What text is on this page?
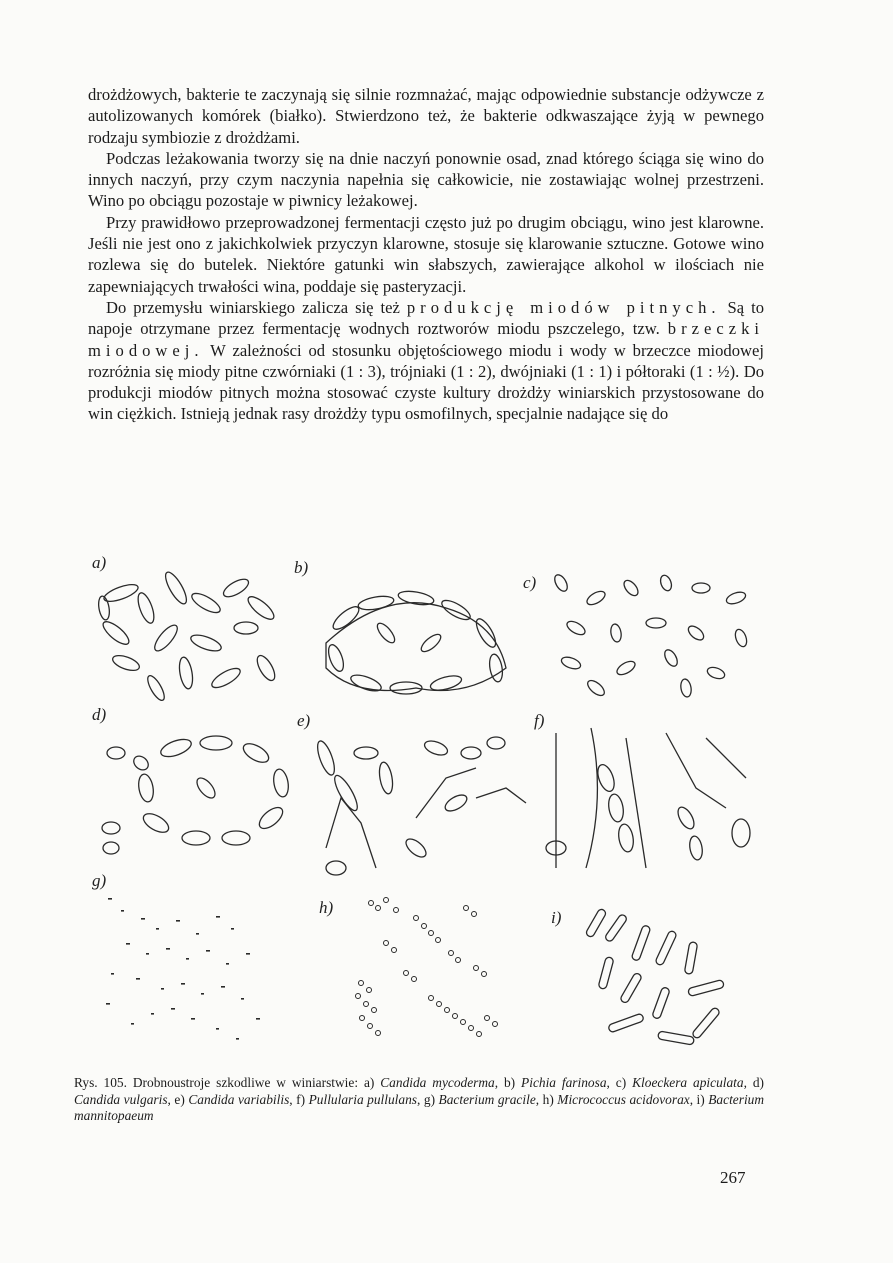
drożdżowych, bakterie te zaczynają się silnie rozmnażać, mając odpowiednie substancje odżywcze z autolizowanych komórek (białko). Stwierdzono też, że bakterie odkwaszające żyją w pewnego rodzaju symbiozie z drożdżami.

Podczas leżakowania tworzy się na dnie naczyń ponownie osad, znad którego ściąga się wino do innych naczyń, przy czym naczynia napełnia się całkowicie, nie zostawiając wolnej przestrzeni. Wino po obciągu pozostaje w piwnicy leżakowej.

Przy prawidłowo przeprowadzonej fermentacji często już po drugim obciągu, wino jest klarowne. Jeśli nie jest ono z jakichkolwiek przyczyn klarowne, stosuje się klarowanie sztuczne. Gotowe wino rozlewa się do butelek. Niektóre gatunki win słabszych, zawierające alkohol w ilościach nie zapewniających trwałości wina, poddaje się pasteryzacji.

Do przemysłu winiarskiego zalicza się też produkcję miodów pitnych. Są to napoje otrzymane przez fermentację wodnych roztworów miodu pszczelego, tzw. brzeczki miodowej. W zależności od stosunku objętościowego miodu i wody w brzeczce miodowej rozróżnia się miody pitne czwórniaki (1 : 3), trójniaki (1 : 2), dwójniaki (1 : 1) i półtoraki (1 : ½). Do produkcji miodów pitnych można stosować czyste kultury drożdży winiarskich przystosowane do win ciężkich. Istnieją jednak rasy drożdży typu osmofilnych, specjalnie nadające się do

a)	b)
c)
d)	e)	f)
g)
h)
i)
Rys. 105. Drobnoustroje szkodliwe w winiarstwie: a) Candida mycoderma, b) Pichia farinosa, c) Kloeckera apiculata, d) Candida vulgaris, e) Candida variabilis, f) Pullularia pullulans, g) Bacterium gracile, h) Micrococcus acidovorax, i) Bacterium mannitopaeum
267
